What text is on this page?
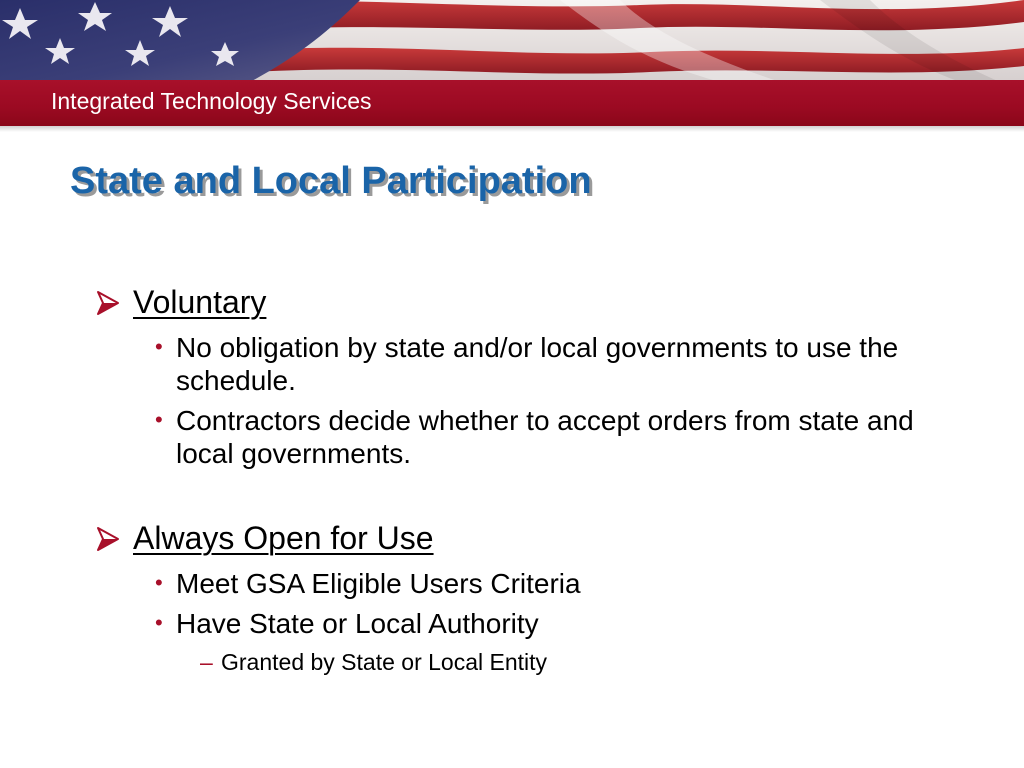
Integrated Technology Services
State and Local Participation
Voluntary
• No obligation by state and/or local governments to use the schedule.
• Contractors decide whether to accept orders from state and local governments.
Always Open for Use
• Meet GSA Eligible Users Criteria
• Have State or Local Authority
– Granted by State or Local Entity
